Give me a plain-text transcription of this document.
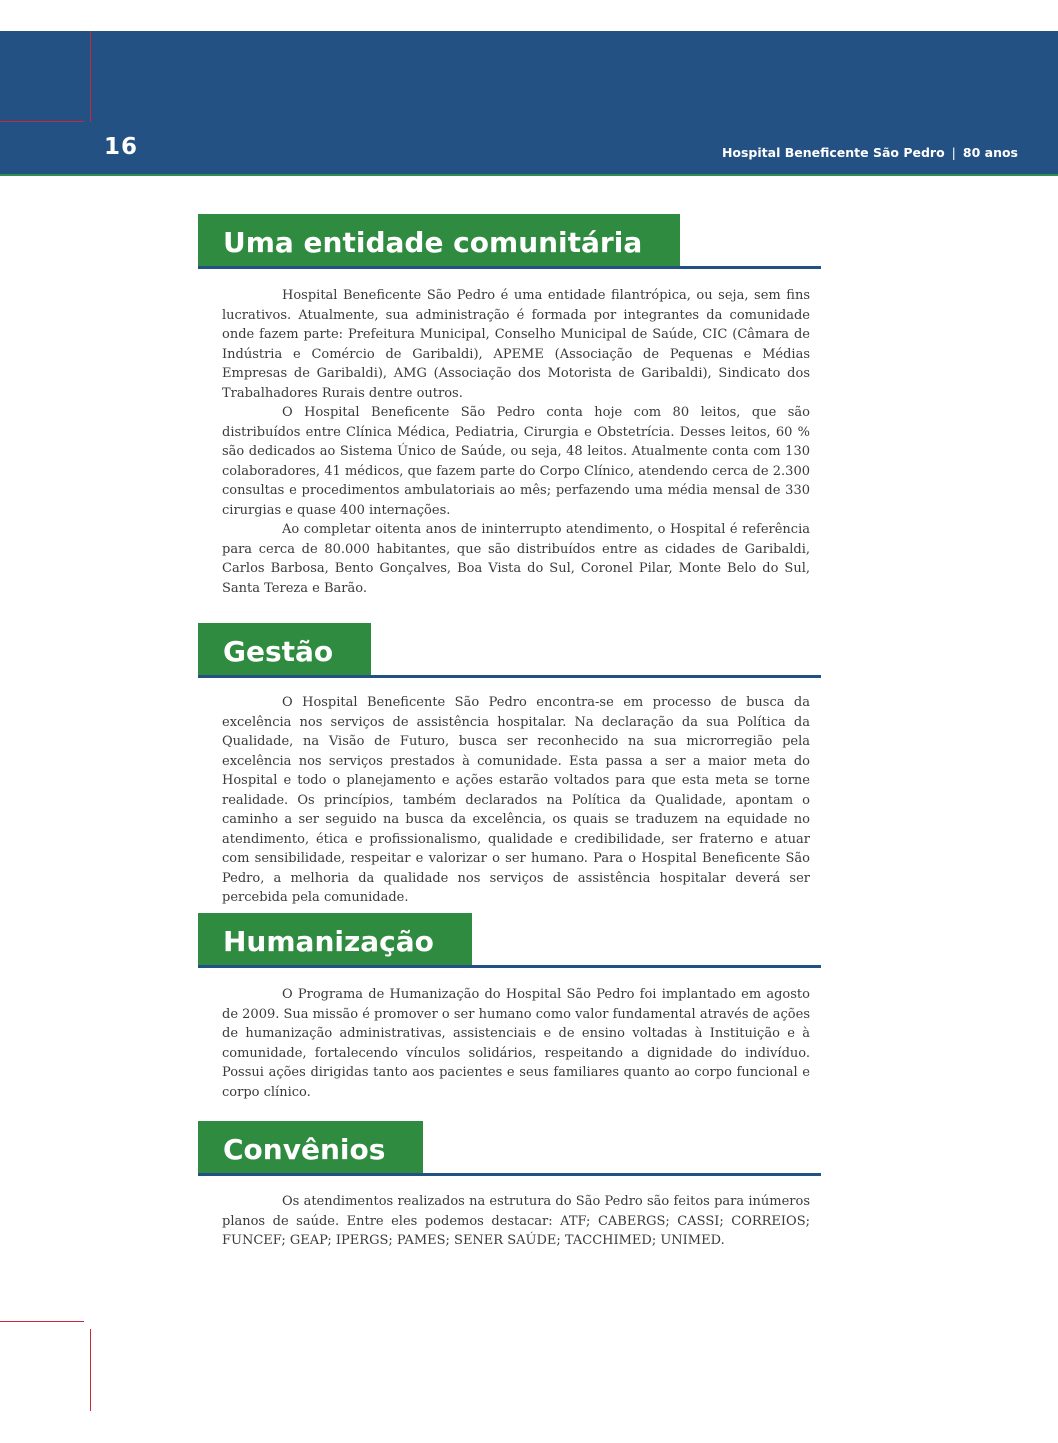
16	Hospital Beneficente São Pedro | 80 anos
Uma entidade comunitária

Hospital Beneficente São Pedro é uma entidade filantrópica, ou seja, sem fins lucrativos. Atualmente, sua administração é formada por integrantes da comunidade onde fazem parte: Prefeitura Municipal, Conselho Municipal de Saúde, CIC (Câmara de Indústria e Comércio de Garibaldi), APEME (Associação de Pequenas e Médias Empresas de Garibaldi), AMG (Associação dos Motorista de Garibaldi), Sindicato dos Trabalhadores Rurais dentre outros.

O Hospital Beneficente São Pedro conta hoje com 80 leitos, que são distribuídos entre Clínica Médica, Pediatria, Cirurgia e Obstetrícia. Desses leitos, 60 % são dedicados ao Sistema Único de Saúde, ou seja, 48 leitos. Atualmente conta com 130 colaboradores, 41 médicos, que fazem parte do Corpo Clínico, atendendo cerca de 2.300 consultas e procedimentos ambulatoriais ao mês; perfazendo uma média mensal de 330 cirurgias e quase 400 internações.

Ao completar oitenta anos de ininterrupto atendimento, o Hospital é referência para cerca de 80.000 habitantes, que são distribuídos entre as cidades de Garibaldi, Carlos Barbosa, Bento Gonçalves, Boa Vista do Sul, Coronel Pilar, Monte Belo do Sul, Santa Tereza e Barão.

Gestão

O Hospital Beneficente São Pedro encontra-se em processo de busca da excelência nos serviços de assistência hospitalar. Na declaração da sua Política da Qualidade, na Visão de Futuro, busca ser reconhecido na sua microrregião pela excelência nos serviços prestados à comunidade. Esta passa a ser a maior meta do Hospital e todo o planejamento e ações estarão voltados para que esta meta se torne realidade. Os princípios, também declarados na Política da Qualidade, apontam o caminho a ser seguido na busca da excelência, os quais se traduzem na equidade no atendimento, ética e profissionalismo, qualidade e credibilidade, ser fraterno e atuar com sensibilidade, respeitar e valorizar o ser humano. Para o Hospital Beneficente São Pedro, a melhoria da qualidade nos serviços de assistência hospitalar deverá ser percebida pela comunidade.

Humanização

O Programa de Humanização do Hospital São Pedro foi implantado em agosto de 2009. Sua missão é promover o ser humano como valor fundamental através de ações de humanização administrativas, assistenciais e de ensino voltadas à Instituição e à comunidade, fortalecendo vínculos solidários, respeitando a dignidade do indivíduo. Possui ações dirigidas tanto aos pacientes e seus familiares quanto ao corpo funcional e corpo clínico.

Convênios

Os atendimentos realizados na estrutura do São Pedro são feitos para inúmeros planos de saúde. Entre eles podemos destacar: ATF; CABERGS; CASSI; CORREIOS; FUNCEF; GEAP; IPERGS; PAMES; SENER SAÚDE; TACCHIMED; UNIMED.
